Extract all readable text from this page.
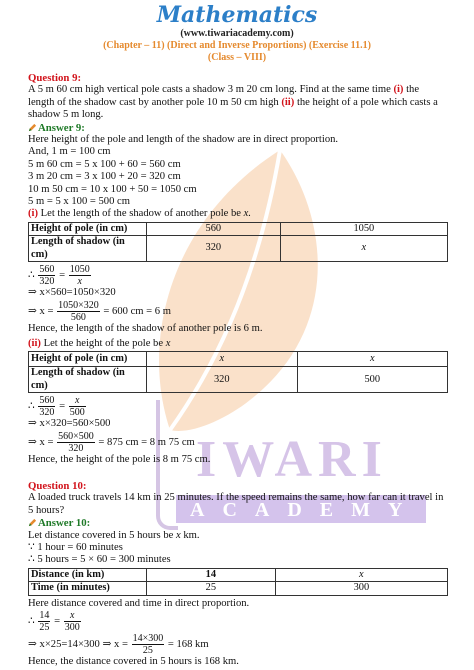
IWARI
ACADEMY
Mathematics
(www.tiwariacademy.com)
(Chapter – 11) (Direct and Inverse Proportions) (Exercise 11.1)
(Class – VIII)
Question 9:
A 5 m 60 cm high vertical pole casts a shadow 3 m 20 cm long. Find at the same time (i) the length of the shadow cast by another pole 10 m 50 cm high (ii) the height of a pole which casts a shadow 5 m long.
Answer 9:
Here height of the pole and length of the shadow are in direct proportion.
And, 1 m = 100 cm
5 m 60 cm = 5 x 100 + 60 = 560 cm
3 m 20 cm = 3 x 100 + 20 = 320 cm
10 m 50 cm = 10 x 100 + 50 = 1050 cm
5 m = 5 x 100 = 500 cm
(i) Let the length of the shadow of another pole be x.
Height of pole (in cm)	560	1050
Length of shadow (in cm)	320	x
∴ $\frac{560}{320} = \frac{1050}{x}$
⇒ x×560=1050×320
⇒ $x = \frac{1050\times 320}{560} = 600$ cm = 6 m
Hence, the length of the shadow of another pole is 6 m.
(ii) Let the height of the pole be x
Height of pole (in cm)	x	x
Length of shadow (in cm)	320	500
∴ $\frac{560}{320} = \frac{x}{500}$
⇒ x×320=560×500
⇒ $x = \frac{560\times 500}{320} = 875$ cm = 8 m 75 cm
Hence, the height of the pole is 8 m 75 cm.
Question 10:
A loaded truck travels 14 km in 25 minutes. If the speed remains the same, how far can it travel in 5 hours?
Answer 10:
Let distance covered in 5 hours be x km.
∵ 1 hour = 60 minutes
∴ 5 hours = 5 × 60 = 300 minutes
Distance (in km)	14	x
Time (in minutes)	25	300
Here distance covered and time in direct proportion.
∴ $\frac{14}{25} = \frac{x}{300}$
⇒ x×25=14×300 ⇒ $x = \frac{14\times 300}{25} = 168$ km
Hence, the distance covered in 5 hours is 168 km.
